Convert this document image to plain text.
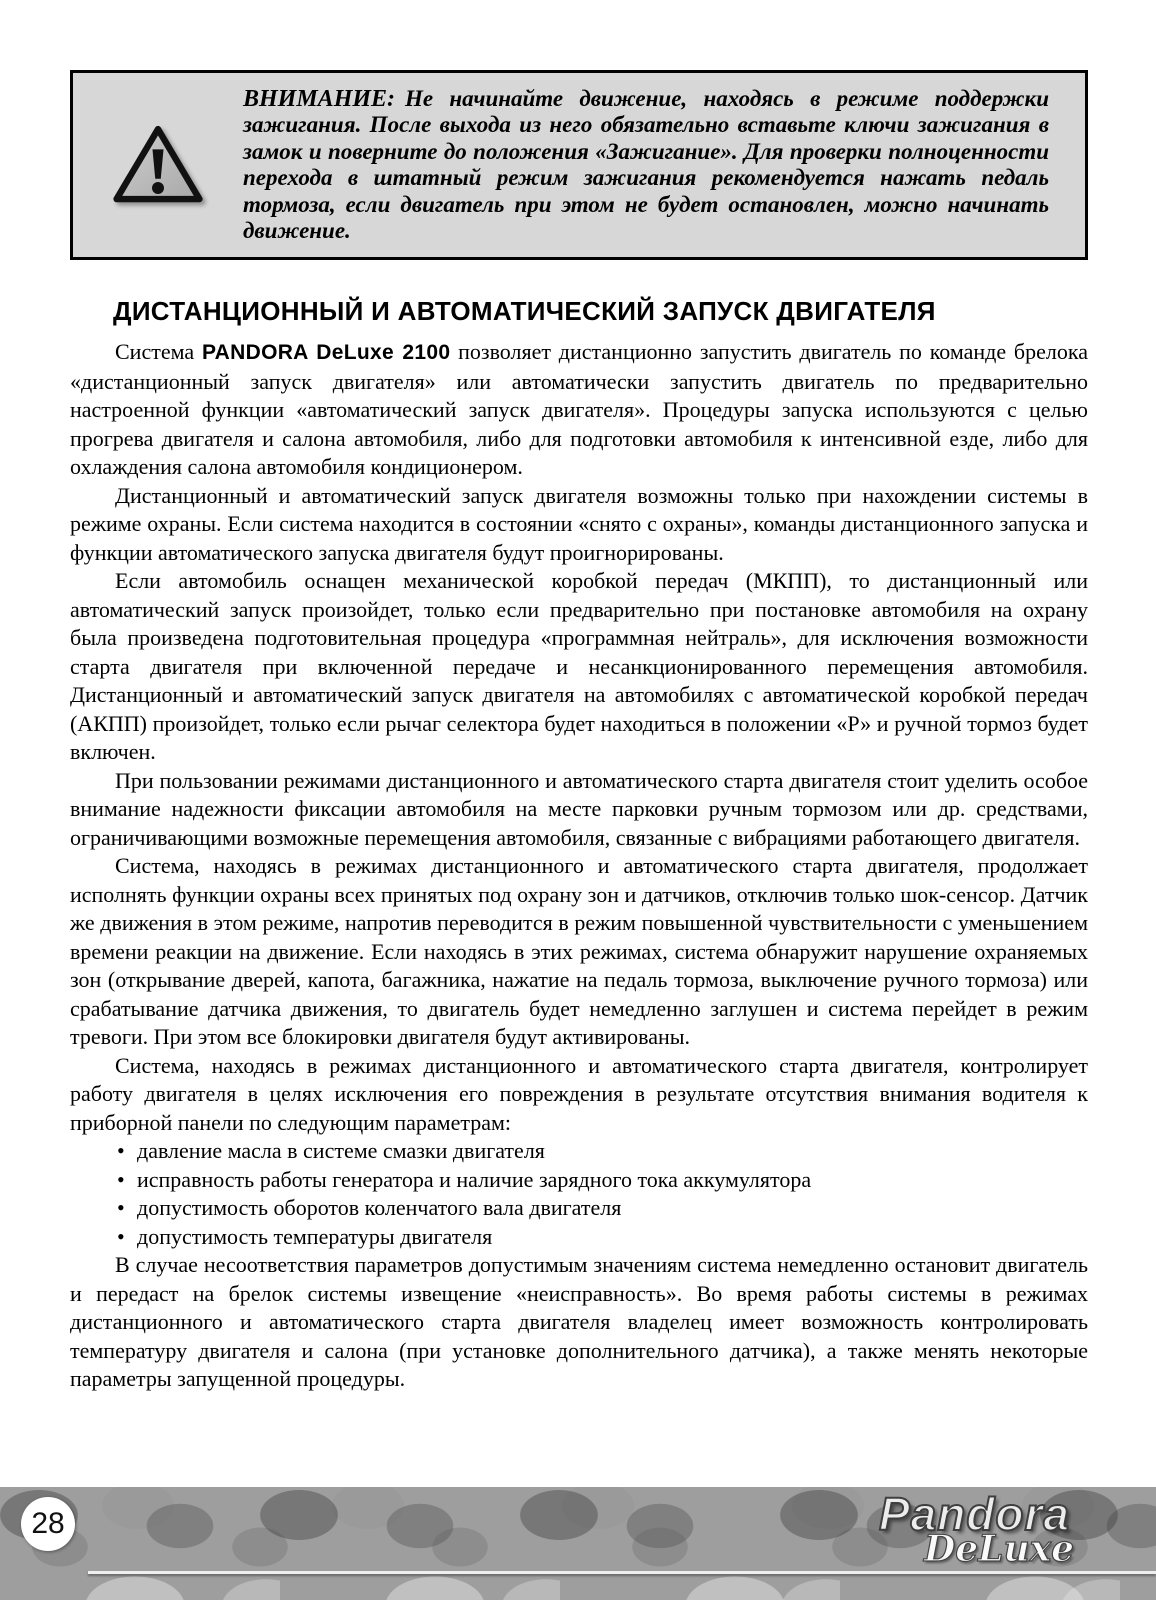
ВНИМАНИЕ: Не начинайте движение, находясь в режиме поддержки зажигания. После выхода из него обязательно вставьте ключи зажигания в замок и поверните до положения «Зажигание». Для проверки полноценности перехода в штатный режим зажигания рекомендуется нажать педаль тормоза, если двигатель при этом не будет остановлен, можно начинать движение.

ДИСТАНЦИОННЫЙ И АВТОМАТИЧЕСКИЙ ЗАПУСК ДВИГАТЕЛЯ

Система PANDORA DeLuxe 2100 позволяет дистанционно запустить двигатель по команде брелока «дистанционный запуск двигателя» или автоматически запустить двигатель по предварительно настроенной функции «автоматический запуск двигателя». Процедуры запуска используются с целью прогрева двигателя и салона автомобиля, либо для подготовки автомобиля к интенсивной езде, либо для охлаждения салона автомобиля кондиционером.

Дистанционный и автоматический запуск двигателя возможны только при нахождении системы в режиме охраны. Если система находится в состоянии «снято с охраны», команды дистанционного запуска и функции автоматического запуска двигателя будут проигнорированы.

Если автомобиль оснащен механической коробкой передач (МКПП), то дистанционный или автоматический запуск произойдет, только если предварительно при постановке автомобиля на охрану была произведена подготовительная процедура «программная нейтраль», для исключения возможности старта двигателя при включенной передаче и несанкционированного перемещения автомобиля. Дистанционный и автоматический запуск двигателя на автомобилях с автоматической коробкой передач (АКПП) произойдет, только если рычаг селектора будет находиться в положении «Р» и ручной тормоз будет включен.

При пользовании режимами дистанционного и автоматического старта двигателя стоит уделить особое внимание надежности фиксации автомобиля на месте парковки ручным тормозом или др. средствами, ограничивающими возможные перемещения автомобиля, связанные с вибрациями работающего двигателя.

Система, находясь в режимах дистанционного и автоматического старта двигателя, продолжает исполнять функции охраны всех принятых под охрану зон и датчиков, отключив только шок-сенсор. Датчик же движения в этом режиме, напротив переводится в режим повышенной чувствительности с уменьшением времени реакции на движение. Если находясь в этих режимах, система обнаружит нарушение охраняемых зон (открывание дверей, капота, багажника, нажатие на педаль тормоза, выключение ручного тормоза) или срабатывание датчика движения, то двигатель будет немедленно заглушен и система перейдет в режим тревоги. При этом все блокировки двигателя будут активированы.

Система, находясь в режимах дистанционного и автоматического старта двигателя, контролирует работу двигателя в целях исключения его повреждения в результате отсутствия внимания водителя к приборной панели по следующим параметрам:

• давление масла в системе смазки двигателя
• исправность работы генератора и наличие зарядного тока аккумулятора
• допустимость оборотов коленчатого вала двигателя
• допустимость температуры двигателя

В случае несоответствия параметров допустимым значениям система немедленно остановит двигатель и передаст на брелок системы извещение «неисправность». Во время работы системы в режимах дистанционного и автоматического старта двигателя владелец имеет возможность контролировать температуру двигателя и салона (при установке дополнительного датчика), а также менять некоторые параметры запущенной процедуры.

28	Pandora
DeLuxe
